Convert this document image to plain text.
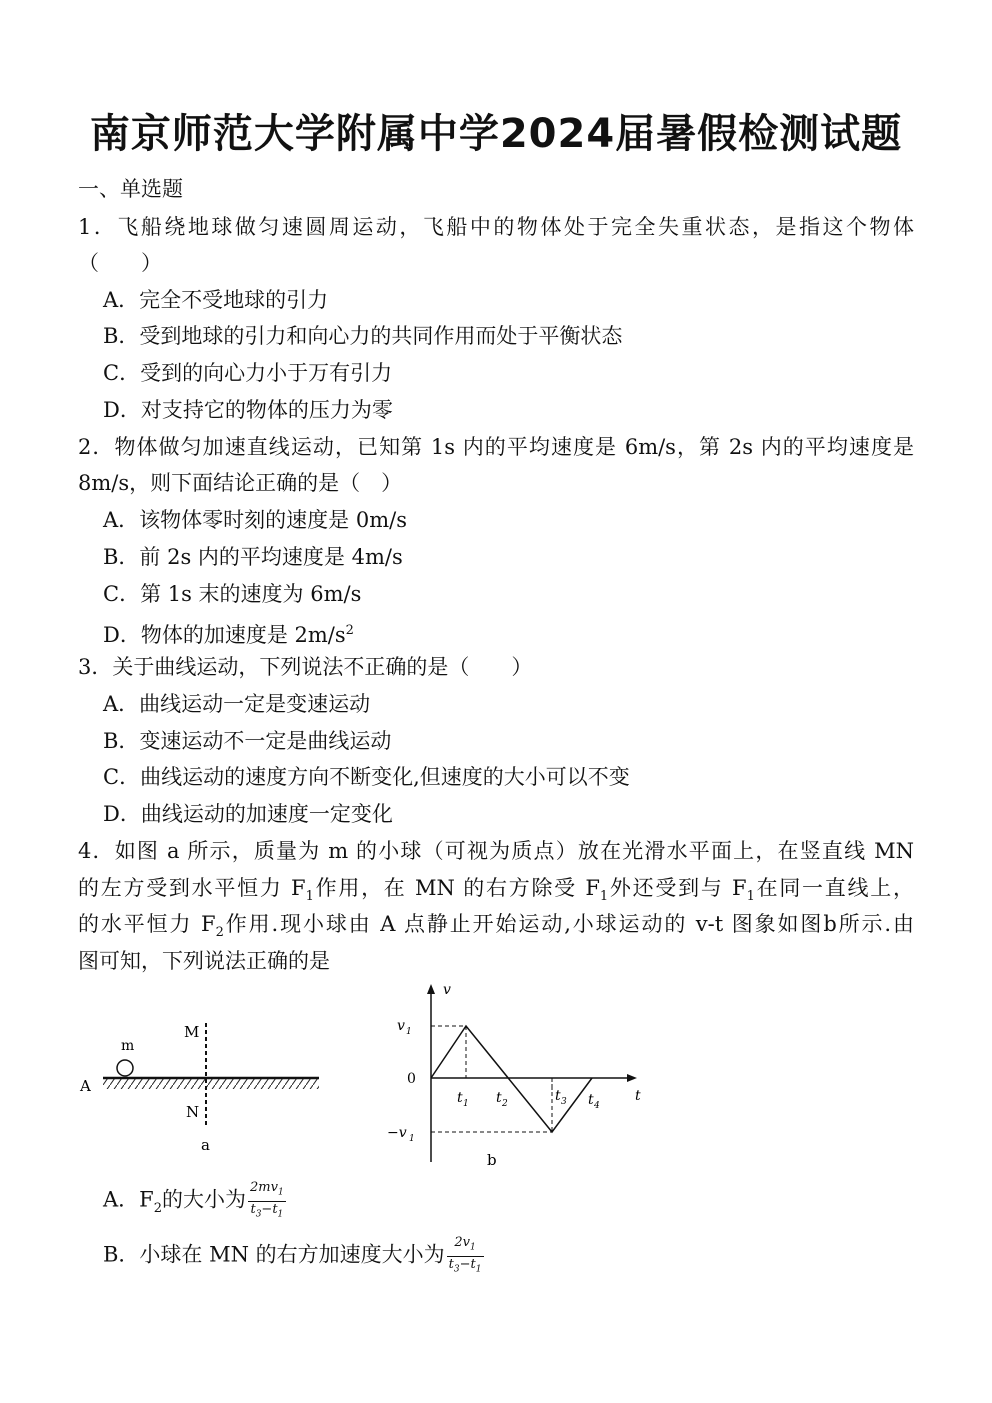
南京师范大学附属中学2024届暑假检测试题
一、单选题
1．飞船绕地球做匀速圆周运动，飞船中的物体处于完全失重状态，是指这个物体
（　　）
A．完全不受地球的引力
B．受到地球的引力和向心力的共同作用而处于平衡状态
C．受到的向心力小于万有引力
D．对支持它的物体的压力为零
2．物体做匀加速直线运动，已知第 1s 内的平均速度是 6m/s，第 2s 内的平均速度是
8m/s，则下面结论正确的是（　）
A．该物体零时刻的速度是 0m/s
B．前 2s 内的平均速度是 4m/s
C．第 1s 末的速度为 6m/s
D．物体的加速度是 $2m/s^2$
3．关于曲线运动，下列说法不正确的是（　　）
A．曲线运动一定是变速运动
B．变速运动不一定是曲线运动
C．曲线运动的速度方向不断变化,但速度的大小可以不变
D．曲线运动的加速度一定变化
4．如图 a 所示，质量为 m 的小球（可视为质点）放在光滑水平面上，在竖直线 MN
的左方受到水平恒力 $F_1$作用，在 MN 的右方除受 $F_1$外还受到与 $F_1$在同一直线上，
的水平恒力 $F_2$作用.现小球由 A 点静止开始运动,小球运动的 v-t 图象如图b所示.由
图可知，下列说法正确的是
m
M
N
A
a
v
t
v 1
t 1 t 2	t 3 t 4
−v 1
0
b
A．$F_2$的大小为 $\frac{2mv_1}{t_3-t_1}$
B．小球在 MN 的右方加速度大小为 $\frac{2v_1}{t_3-t_1}$
